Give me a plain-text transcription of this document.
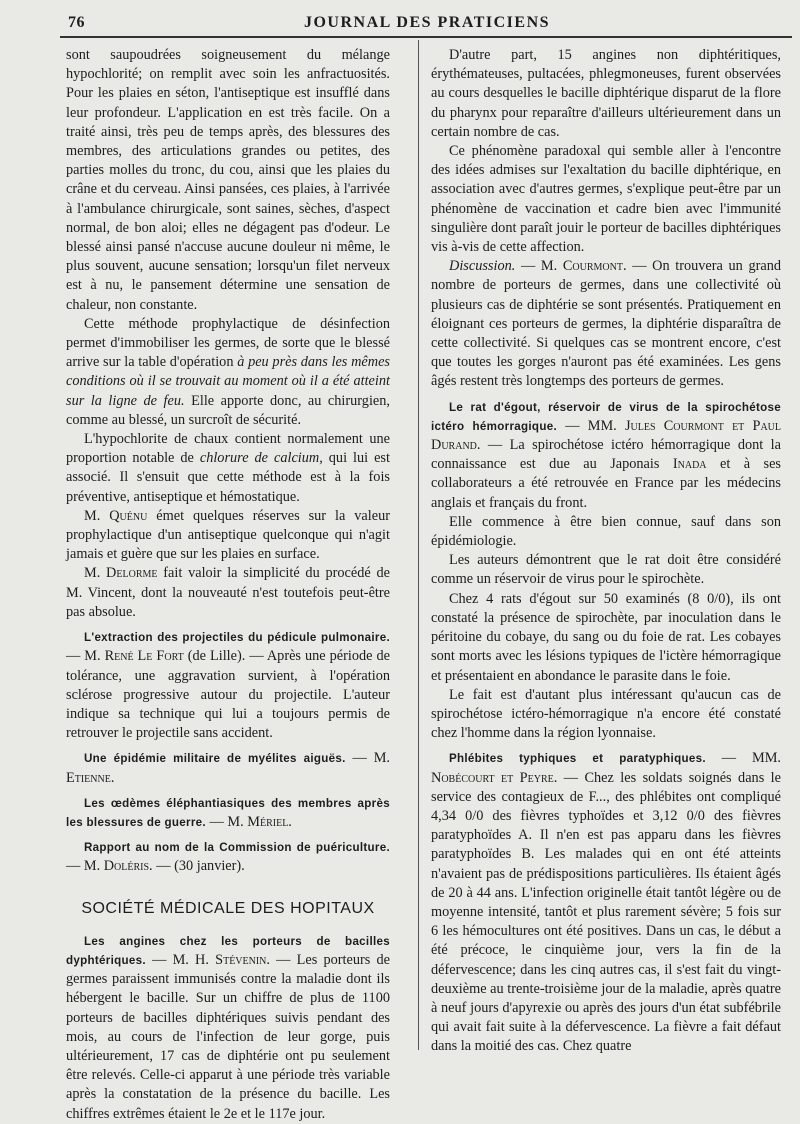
76	JOURNAL DES PRATICIENS

sont saupoudrées soigneusement du mélange hypochlorité; on remplit avec soin les anfractuosités. Pour les plaies en séton, l'antiseptique est insufflé dans leur profondeur. L'application en est très facile. On a traité ainsi, très peu de temps après, des blessures des membres, des articulations grandes ou petites, des parties molles du tronc, du cou, ainsi que les plaies du crâne et du cerveau. Ainsi pansées, ces plaies, à l'arrivée à l'ambulance chirurgicale, sont saines, sèches, d'aspect normal, de bon aloi; elles ne dégagent pas d'odeur. Le blessé ainsi pansé n'accuse aucune douleur ni même, le plus souvent, aucune sensation; lorsqu'un filet nerveux est à nu, le pansement détermine une sensation de chaleur, non constante.

Cette méthode prophylactique de désinfection permet d'immobiliser les germes, de sorte que le blessé arrive sur la table d'opération à peu près dans les mêmes conditions où il se trouvait au moment où il a été atteint sur la ligne de feu. Elle apporte donc, au chirurgien, comme au blessé, un surcroît de sécurité.

L'hypochlorite de chaux contient normalement une proportion notable de chlorure de calcium, qui lui est associé. Il s'ensuit que cette méthode est à la fois préventive, antiseptique et hémostatique.

M. Quénu émet quelques réserves sur la valeur prophylactique d'un antiseptique quelconque qui n'agit jamais et guère que sur les plaies en surface.

M. Delorme fait valoir la simplicité du procédé de M. Vincent, dont la nouveauté n'est toutefois peut-être pas absolue.

L'extraction des projectiles du pédicule pulmonaire. — M. René Le Fort (de Lille). — Après une période de tolérance, une aggravation survient, à l'opération sclérose progressive autour du projectile. L'auteur indique sa technique qui lui a toujours permis de retrouver le projectile sans accident.

Une épidémie militaire de myélites aiguës. — M. Etienne.

Les œdèmes éléphantiasiques des membres après les blessures de guerre. — M. Mériel.

Rapport au nom de la Commission de puériculture. — M. Doléris. — (30 janvier).

SOCIÉTÉ MÉDICALE DES HOPITAUX

Les angines chez les porteurs de bacilles dyphtériques. — M. H. Stévenin. — Les porteurs de germes paraissent immunisés contre la maladie dont ils hébergent le bacille. Sur un chiffre de plus de 1100 porteurs de bacilles diphtériques suivis pendant des mois, au cours de l'infection de leur gorge, puis ultérieurement, 17 cas de diphtérie ont pu seulement être relevés. Celle-ci apparut à une période très variable après la constatation de la présence du bacille. Les chiffres extrêmes étaient le 2e et le 117e jour.

D'autre part, 15 angines non diphtéritiques, érythémateuses, pultacées, phlegmoneuses, furent observées au cours desquelles le bacille diphtérique disparut de la flore du pharynx pour reparaître d'ailleurs ultérieurement dans un certain nombre de cas.

Ce phénomène paradoxal qui semble aller à l'encontre des idées admises sur l'exaltation du bacille diphtérique, en association avec d'autres germes, s'explique peut-être par un phénomène de vaccination et cadre bien avec l'immunité singulière dont paraît jouir le porteur de bacilles diphtériques vis à-vis de cette affection.

Discussion. — M. Courmont. — On trouvera un grand nombre de porteurs de germes, dans une collectivité où plusieurs cas de diphtérie se sont présentés. Pratiquement en éloignant ces porteurs de germes, la diphtérie disparaîtra de cette collectivité. Si quelques cas se montrent encore, c'est que toutes les gorges n'auront pas été examinées. Les gens âgés restent très longtemps des porteurs de germes.

Le rat d'égout, réservoir de virus de la spirochétose ictéro hémorragique. — MM. Jules Courmont et Paul Durand. — La spirochétose ictéro hémorragique dont la connaissance est due au Japonais Inada et à ses collaborateurs a été retrouvée en France par les médecins anglais et français du front.

Elle commence à être bien connue, sauf dans son épidémiologie.

Les auteurs démontrent que le rat doit être considéré comme un réservoir de virus pour le spirochète.

Chez 4 rats d'égout sur 50 examinés (8 0/0), ils ont constaté la présence de spirochète, par inoculation dans le péritoine du cobaye, du sang ou du foie de rat. Les cobayes sont morts avec les lésions typiques de l'ictère hémorragique et présentaient en abondance le parasite dans le foie.

Le fait est d'autant plus intéressant qu'aucun cas de spirochétose ictéro-hémorragique n'a encore été constaté chez l'homme dans la région lyonnaise.

Phlébites typhiques et paratyphiques. — MM. Nobécourt et Peyre. — Chez les soldats soignés dans le service des contagieux de F..., des phlébites ont compliqué 4,34 0/0 des fièvres typhoïdes et 3,12 0/0 des fièvres paratyphoïdes A. Il n'en est pas apparu dans les fièvres paratyphoïdes B. Les malades qui en ont été atteints n'avaient pas de prédispositions particulières. Ils étaient âgés de 20 à 44 ans. L'infection originelle était tantôt légère ou de moyenne intensité, tantôt et plus rarement sévère; 5 fois sur 6 les hémocultures ont été positives. Dans un cas, le début a été précoce, le cinquième jour, vers la fin de la défervescence; dans les cinq autres cas, il s'est fait du vingt-deuxième au trente-troisième jour de la maladie, après quatre à neuf jours d'apyrexie ou après des jours d'un état subfébrile qui avait fait suite à la défervescence. La fièvre a fait défaut dans la moitié des cas. Chez quatre
